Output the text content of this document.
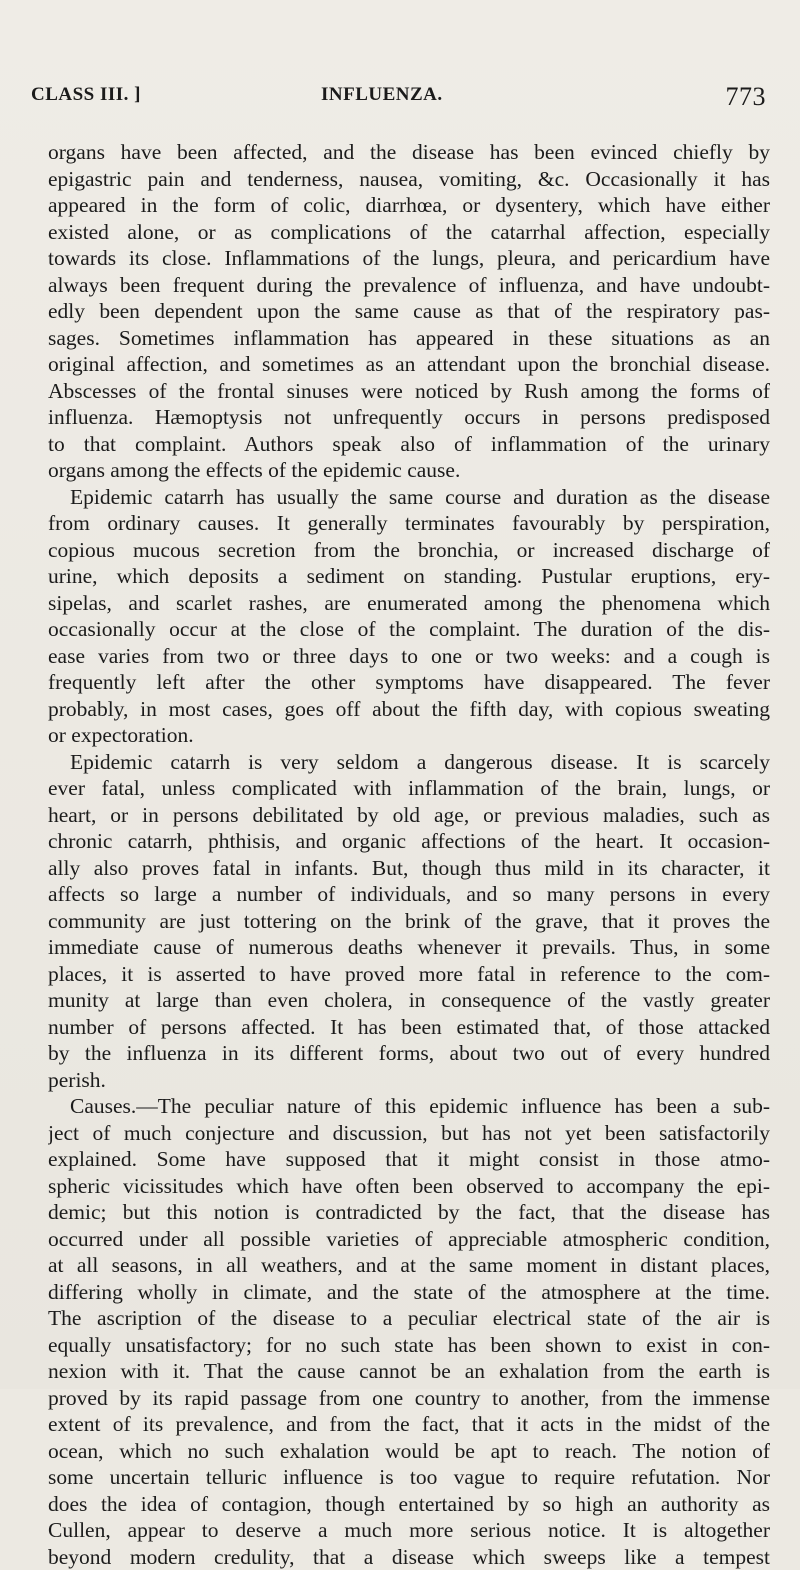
CLASS III. ]	INFLUENZA.	773
organs have been affected, and the disease has been evinced chiefly by
epigastric pain and tenderness, nausea, vomiting, &c. Occasionally it has
appeared in the form of colic, diarrhœa, or dysentery, which have either
existed alone, or as complications of the catarrhal affection, especially
towards its close. Inflammations of the lungs, pleura, and pericardium have
always been frequent during the prevalence of influenza, and have undoubt-
edly been dependent upon the same cause as that of the respiratory pas-
sages. Sometimes inflammation has appeared in these situations as an
original affection, and sometimes as an attendant upon the bronchial disease.
Abscesses of the frontal sinuses were noticed by Rush among the forms of
influenza. Hæmoptysis not unfrequently occurs in persons predisposed
to that complaint. Authors speak also of inflammation of the urinary
organs among the effects of the epidemic cause.
Epidemic catarrh has usually the same course and duration as the disease
from ordinary causes. It generally terminates favourably by perspiration,
copious mucous secretion from the bronchia, or increased discharge of
urine, which deposits a sediment on standing. Pustular eruptions, ery-
sipelas, and scarlet rashes, are enumerated among the phenomena which
occasionally occur at the close of the complaint. The duration of the dis-
ease varies from two or three days to one or two weeks: and a cough is
frequently left after the other symptoms have disappeared. The fever
probably, in most cases, goes off about the fifth day, with copious sweating
or expectoration.
Epidemic catarrh is very seldom a dangerous disease. It is scarcely
ever fatal, unless complicated with inflammation of the brain, lungs, or
heart, or in persons debilitated by old age, or previous maladies, such as
chronic catarrh, phthisis, and organic affections of the heart. It occasion-
ally also proves fatal in infants. But, though thus mild in its character, it
affects so large a number of individuals, and so many persons in every
community are just tottering on the brink of the grave, that it proves the
immediate cause of numerous deaths whenever it prevails. Thus, in some
places, it is asserted to have proved more fatal in reference to the com-
munity at large than even cholera, in consequence of the vastly greater
number of persons affected. It has been estimated that, of those attacked
by the influenza in its different forms, about two out of every hundred
perish.
Causes.—The peculiar nature of this epidemic influence has been a sub-
ject of much conjecture and discussion, but has not yet been satisfactorily
explained. Some have supposed that it might consist in those atmo-
spheric vicissitudes which have often been observed to accompany the epi-
demic; but this notion is contradicted by the fact, that the disease has
occurred under all possible varieties of appreciable atmospheric condition,
at all seasons, in all weathers, and at the same moment in distant places,
differing wholly in climate, and the state of the atmosphere at the time.
The ascription of the disease to a peculiar electrical state of the air is
equally unsatisfactory; for no such state has been shown to exist in con-
nexion with it. That the cause cannot be an exhalation from the earth is
proved by its rapid passage from one country to another, from the immense
extent of its prevalence, and from the fact, that it acts in the midst of the
ocean, which no such exhalation would be apt to reach. The notion of
some uncertain telluric influence is too vague to require refutation. Nor
does the idea of contagion, though entertained by so high an authority as
Cullen, appear to deserve a much more serious notice. It is altogether
beyond modern credulity, that a disease which sweeps like a tempest
